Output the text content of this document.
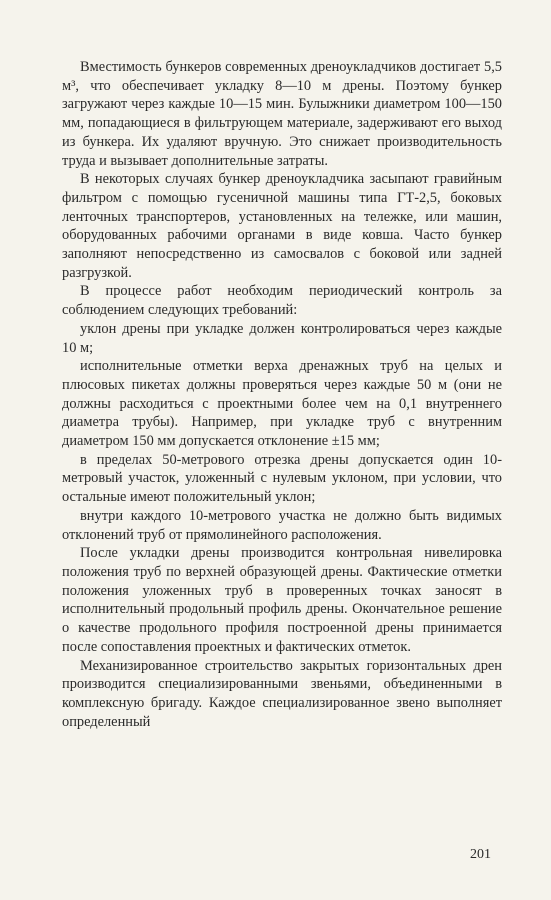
Вместимость бункеров современных дреноукладчиков достигает 5,5 м³, что обеспечивает укладку 8—10 м дрены. Поэтому бункер загружают через каждые 10—15 мин. Булыжники диаметром 100—150 мм, попадающиеся в фильтрующем материале, задерживают его выход из бункера. Их удаляют вручную. Это снижает производительность труда и вызывает дополнительные затраты.

В некоторых случаях бункер дреноукладчика засыпают гравийным фильтром с помощью гусеничной машины типа ГТ-2,5, боковых ленточных транспортеров, установленных на тележке, или машин, оборудованных рабочими органами в виде ковша. Часто бункер заполняют непосредственно из самосвалов с боковой или задней разгрузкой.

В процессе работ необходим периодический контроль за соблюдением следующих требований:

уклон дрены при укладке должен контролироваться через каждые 10 м;

исполнительные отметки верха дренажных труб на целых и плюсовых пикетах должны проверяться через каждые 50 м (они не должны расходиться с проектными более чем на 0,1 внутреннего диаметра трубы). Например, при укладке труб с внутренним диаметром 150 мм допускается отклонение ±15 мм;

в пределах 50-метрового отрезка дрены допускается один 10-метровый участок, уложенный с нулевым уклоном, при условии, что остальные имеют положительный уклон;

внутри каждого 10-метрового участка не должно быть видимых отклонений труб от прямолинейного расположения.

После укладки дрены производится контрольная нивелировка положения труб по верхней образующей дрены. Фактические отметки положения уложенных труб в проверенных точках заносят в исполнительный продольный профиль дрены. Окончательное решение о качестве продольного профиля построенной дрены принимается после сопоставления проектных и фактических отметок.

Механизированное строительство закрытых горизонтальных дрен производится специализированными звеньями, объединенными в комплексную бригаду. Каждое специализированное звено выполняет определенный

201
